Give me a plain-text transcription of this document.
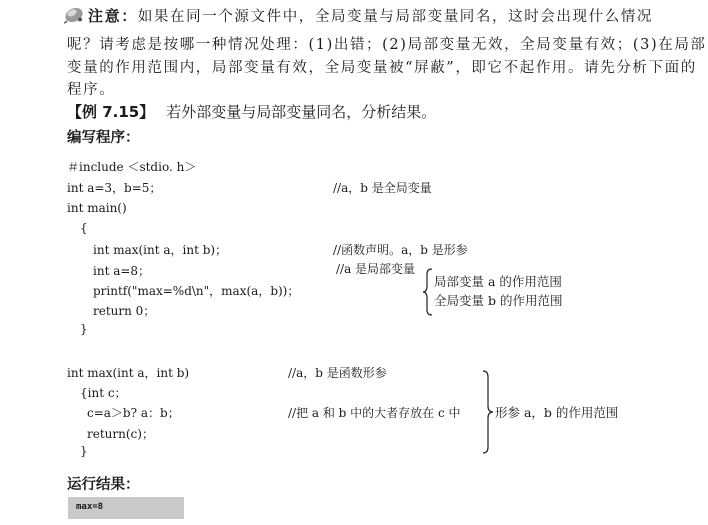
注意：如果在同一个源文件中，全局变量与局部变量同名，这时会出现什么情况
呢？请考虑是按哪一种情况处理：(1)出错；(2)局部变量无效，全局变量有效；(3)在局部
变量的作用范围内，局部变量有效，全局变量被“屏蔽”，即它不起作用。请先分析下面的
程序。
【例 7.15】 若外部变量与局部变量同名，分析结果。
编写程序：
＃include ＜stdio. h＞
int a=3，b=5；	//a，b 是全局变量
int main()
{
int max(int a，int b)；	//函数声明。a，b 是形参
int a=8；	//a 是局部变量
printf("max=%d\n"，max(a，b))；
return 0；
}
局部变量 a 的作用范围
全局变量 b 的作用范围
int max(int a，int b)	//a，b 是函数形参
{int c；
c=a＞b? a：b；	//把 a 和 b 中的大者存放在 c 中
return(c)；
}
形参 a，b 的作用范围
运行结果：
max=8
